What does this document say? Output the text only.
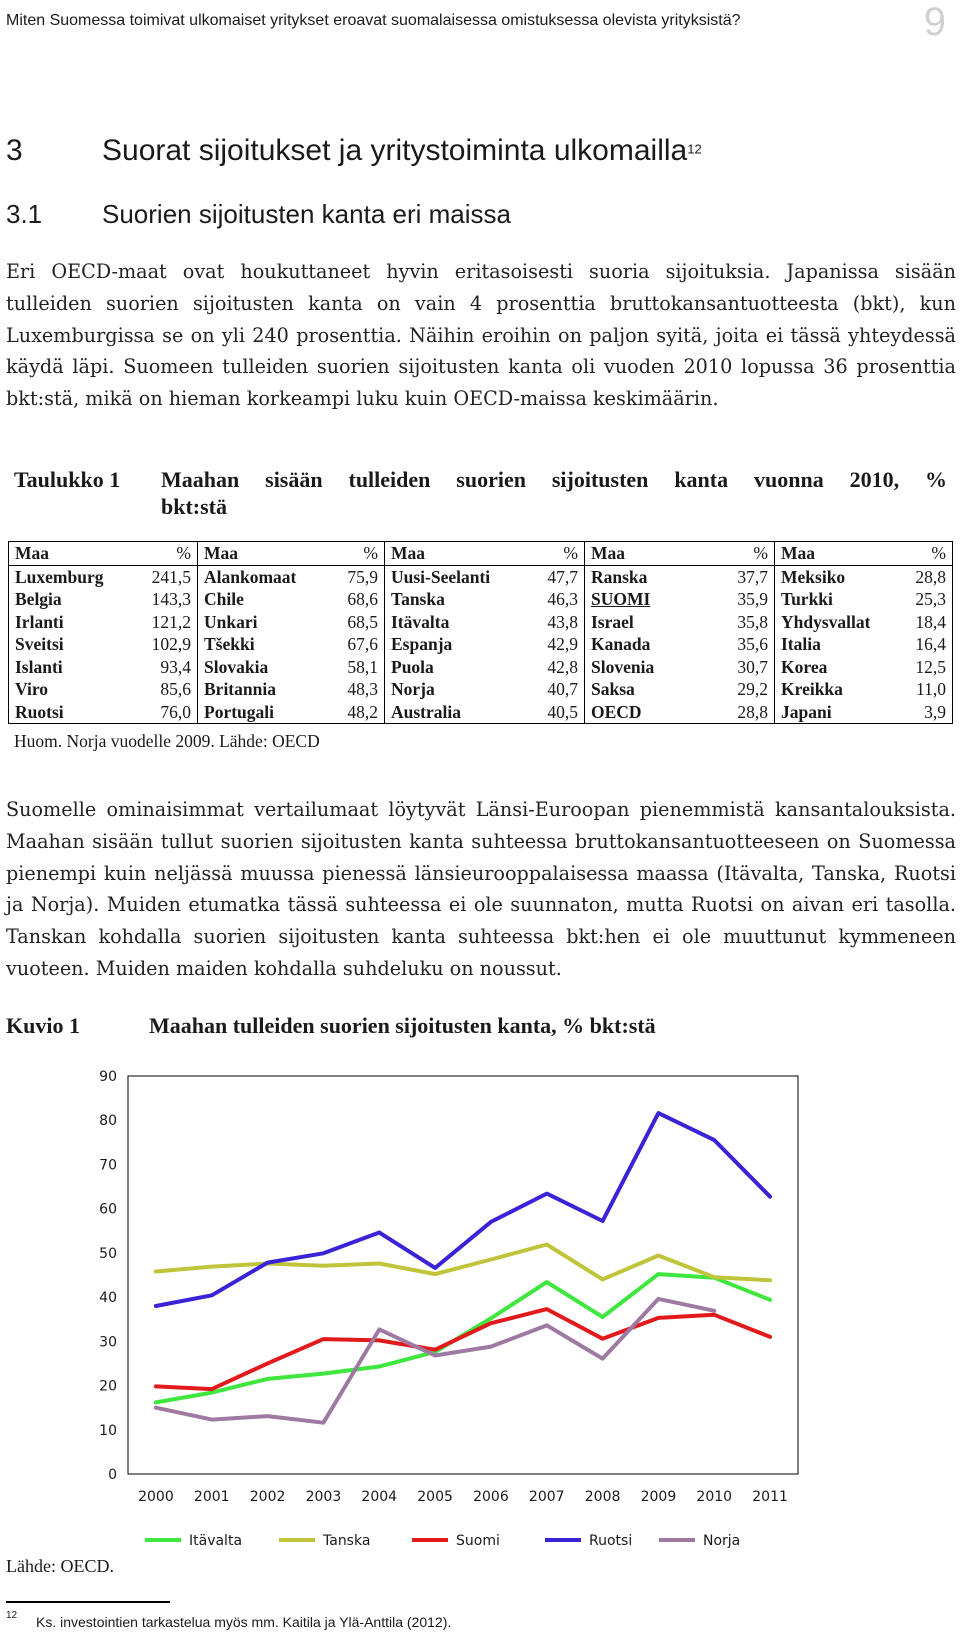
Miten Suomessa toimivat ulkomaiset yritykset eroavat suomalaisessa omistuksessa olevista yrityksistä?	9
3	Suorat sijoitukset ja yritystoiminta ulkomailla$^{12}$
3.1 Suorien sijoitusten kanta eri maissa

Eri OECD-maat ovat houkuttaneet hyvin eritasoisesti suoria sijoituksia. Japanissa sisään tulleiden suorien sijoitusten kanta on vain 4 prosenttia bruttokansantuotteesta (bkt), kun Luxemburgissa se on yli 240 prosenttia. Näihin eroihin on paljon syitä, joita ei tässä yhteydessä käydä läpi. Suomeen tulleiden suorien sijoitusten kanta oli vuoden 2010 lopussa 36 prosenttia bkt:stä, mikä on hieman korkeampi luku kuin OECD-maissa keskimäärin.

Taulukko 1 Maahan sisään tulleiden suorien sijoitusten kanta vuonna 2010, %
bkt:stä
Maa	%	Maa	%	Maa	%	Maa	%	Maa	%
Luxemburg	241,5	Alankomaat	75,9	Uusi-Seelanti	47,7	Ranska	37,7	Meksiko	28,8
Belgia	143,3	Chile	68,6	Tanska	46,3	SUOMI	35,9	Turkki	25,3
Irlanti	121,2	Unkari	68,5	Itävalta	43,8	Israel	35,8	Yhdysvallat	18,4
Sveitsi	102,9	Tšekki	67,6	Espanja	42,9	Kanada	35,6	Italia	16,4
Islanti	93,4	Slovakia	58,1	Puola	42,8	Slovenia	30,7	Korea	12,5
Viro	85,6	Britannia	48,3	Norja	40,7	Saksa	29,2	Kreikka	11,0
Ruotsi	76,0	Portugali	48,2	Australia	40,5	OECD	28,8	Japani	3,9
Huom. Norja vuodelle 2009. Lähde: OECD

Suomelle ominaisimmat vertailumaat löytyvät Länsi-Euroopan pienemmistä kansantalouksista. Maahan sisään tullut suorien sijoitusten kanta suhteessa bruttokansantuotteeseen on Suomessa pienempi kuin neljässä muussa pienessä länsieurooppalaisessa maassa (Itävalta, Tanska, Ruotsi ja Norja). Muiden etumatka tässä suhteessa ei ole suunnaton, mutta Ruotsi on aivan eri tasolla. Tanskan kohdalla suorien sijoitusten kanta suhteessa bkt:hen ei ole muuttunut kymmeneen vuoteen. Muiden maiden kohdalla suhdeluku on noussut.

Kuvio 1	Maahan tulleiden suorien sijoitusten kanta, % bkt:stä
0
10
20
30
40
50
60
70
80
90
2000 2001 2002 2003 2004 2005 2006 2007 2008 2009 2010 2011
Itävalta	Tanska	Suomi	Ruotsi	Norja
Lähde: OECD.
12 Ks. investointien tarkastelua myös mm. Kaitila ja Ylä-Anttila (2012).
